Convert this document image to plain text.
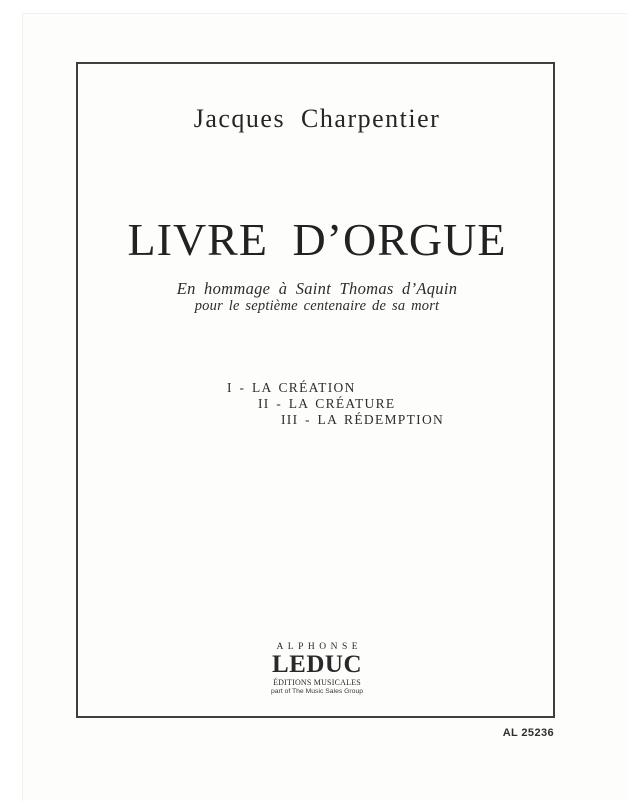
Jacques Charpentier
LIVRE D’ORGUE
En hommage à Saint Thomas d’Aquin
pour le septième centenaire de sa mort
I - LA CRÉATION
II - LA CRÉATURE
III - LA RÉDEMPTION
ALPHONSE
LEDUC
ÉDITIONS MUSICALES
part of The Music Sales Group
AL 25236
